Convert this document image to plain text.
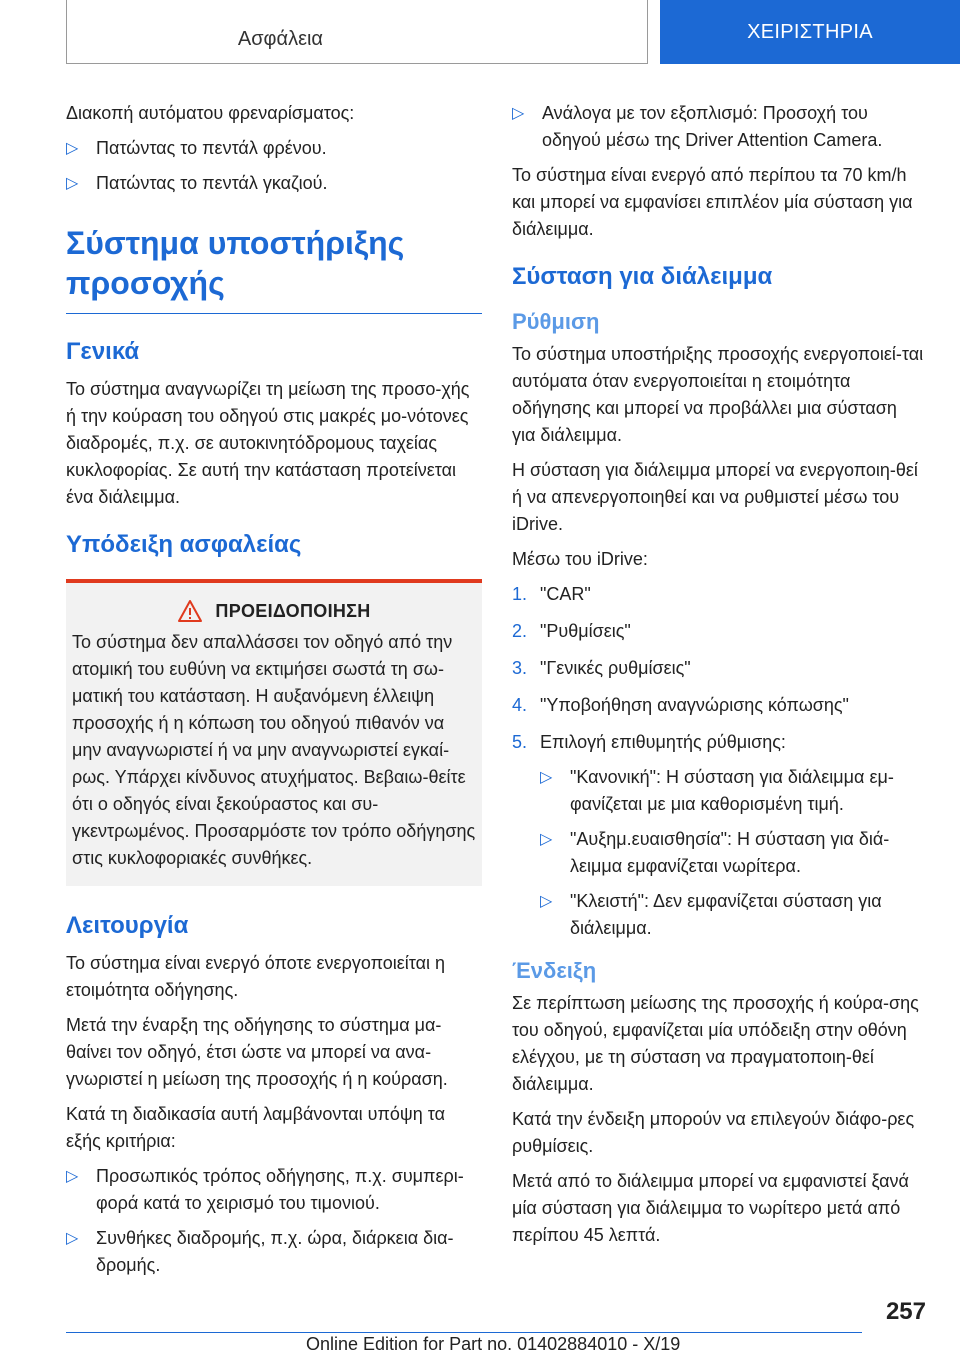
Ασφάλεια	ΧΕΙΡΙΣΤΗΡΙΑ

Διακοπή αυτόματου φρεναρίσματος:

▷ Πατώντας το πεντάλ φρένου.
▷ Πατώντας το πεντάλ γκαζιού.
Σύστημα υποστήριξης προσοχής
Γενικά

Το σύστημα αναγνωρίζει τη μείωση της προσο-χής ή την κούραση του οδηγού στις μακρές μο-νότονες διαδρομές, π.χ. σε αυτοκινητόδρομους ταχείας κυκλοφορίας. Σε αυτή την κατάσταση προτείνεται ένα διάλειμμα.

Υπόδειξη ασφαλείας
ΠΡΟΕΙΔΟΠΟΙΗΣΗ

Το σύστημα δεν απαλλάσσει τον οδηγό από την ατομική του ευθύνη να εκτιμήσει σωστά τη σω-ματική του κατάσταση. Η αυξανόμενη έλλειψη προσοχής ή η κόπωση του οδηγού πιθανόν να μην αναγνωριστεί ή να μην αναγνωριστεί εγκαί-ρως. Υπάρχει κίνδυνος ατυχήματος. Βεβαιω-θείτε ότι ο οδηγός είναι ξεκούραστος και συ-γκεντρωμένος. Προσαρμόστε τον τρόπο οδήγησης στις κυκλοφοριακές συνθήκες.

Λειτουργία

Το σύστημα είναι ενεργό όποτε ενεργοποιείται η ετοιμότητα οδήγησης.

Μετά την έναρξη της οδήγησης το σύστημα μα-θαίνει τον οδηγό, έτσι ώστε να μπορεί να ανα-γνωριστεί η μείωση της προσοχής ή η κούραση.

Κατά τη διαδικασία αυτή λαμβάνονται υπόψη τα εξής κριτήρια:

▷ Προσωπικός τρόπος οδήγησης, π.χ. συμπερι-φορά κατά το χειρισμό του τιμονιού.
▷ Συνθήκες διαδρομής, π.χ. ώρα, διάρκεια δια-δρομής.
▷ Ανάλογα με τον εξοπλισμό: Προσοχή του οδηγού μέσω της Driver Attention Camera.

Το σύστημα είναι ενεργό από περίπου τα 70 km/h και μπορεί να εμφανίσει επιπλέον μία σύσταση για διάλειμμα.

Σύσταση για διάλειμμα
Ρύθμιση

Το σύστημα υποστήριξης προσοχής ενεργοποιεί-ται αυτόματα όταν ενεργοποιείται η ετοιμότητα οδήγησης και μπορεί να προβάλλει μια σύσταση για διάλειμμα.

Η σύσταση για διάλειμμα μπορεί να ενεργοποιη-θεί ή να απενεργοποιηθεί και να ρυθμιστεί μέσω του iDrive.

Μέσω του iDrive:

1. "CAR"
2. "Ρυθμίσεις"
3. "Γενικές ρυθμίσεις"
4. "Υποβοήθηση αναγνώρισης κόπωσης"
5. Επιλογή επιθυμητής ρύθμισης:
▷ "Κανονική": Η σύσταση για διάλειμμα εμ-φανίζεται με μια καθορισμένη τιμή.
▷ "Αυξημ.ευαισθησία": Η σύσταση για διά-λειμμα εμφανίζεται νωρίτερα.
▷ "Κλειστή": Δεν εμφανίζεται σύσταση για διάλειμμα.
Ένδειξη

Σε περίπτωση μείωσης της προσοχής ή κούρα-σης του οδηγού, εμφανίζεται μία υπόδειξη στην οθόνη ελέγχου, με τη σύσταση να πραγματοποιη-θεί διάλειμμα.

Κατά την ένδειξη μπορούν να επιλεγούν διάφο-ρες ρυθμίσεις.

Μετά από το διάλειμμα μπορεί να εμφανιστεί ξανά μία σύσταση για διάλειμμα το νωρίτερο μετά από περίπου 45 λεπτά.

257
Online Edition for Part no. 01402884010 - X/19
